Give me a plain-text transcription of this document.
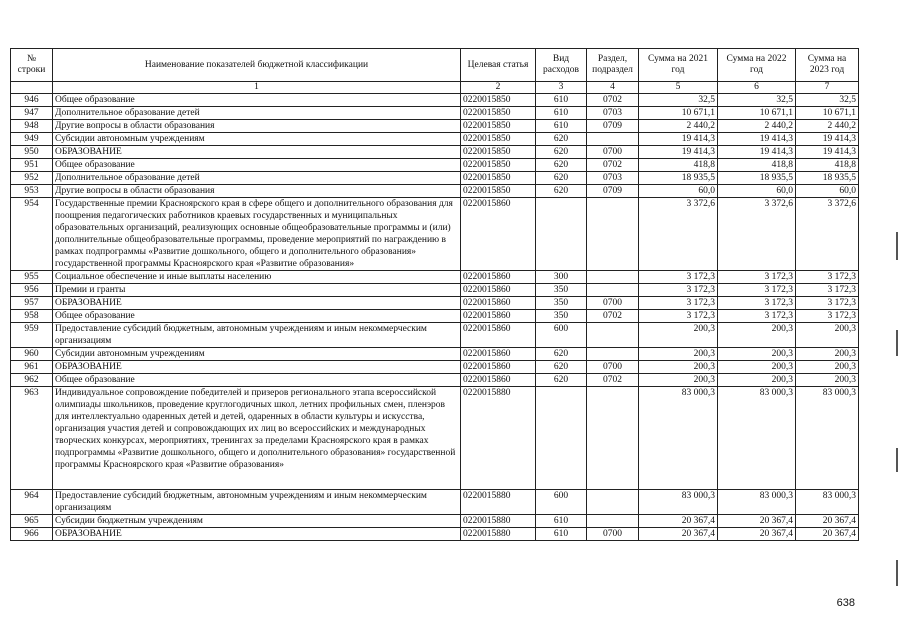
№ строки	Наименование показателей бюджетной классификации	Целевая статья	Вид расходов	Раздел, подраздел	Сумма на 2021 год	Сумма на 2022 год	Сумма на 2023 год
	1	2	3	4	5	6	7
946	Общее образование	0220015850	610	0702	32,5	32,5	32,5
947	Дополнительное образование детей	0220015850	610	0703	10 671,1	10 671,1	10 671,1
948	Другие вопросы в области образования	0220015850	610	0709	2 440,2	2 440,2	2 440,2
949	Субсидии автономным учреждениям	0220015850	620		19 414,3	19 414,3	19 414,3
950	ОБРАЗОВАНИЕ	0220015850	620	0700	19 414,3	19 414,3	19 414,3
951	Общее образование	0220015850	620	0702	418,8	418,8	418,8
952	Дополнительное образование детей	0220015850	620	0703	18 935,5	18 935,5	18 935,5
953	Другие вопросы в области образования	0220015850	620	0709	60,0	60,0	60,0
954	Государственные премии Красноярского края в сфере общего и дополнительного образования для поощрения педагогических работников краевых государственных и муниципальных образовательных организаций, реализующих основные общеобразовательные программы и (или) дополнительные общеобразовательные программы, проведение мероприятий по награждению в рамках подпрограммы «Развитие дошкольного, общего и дополнительного образования» государственной программы Красноярского края «Развитие образования»	0220015860			3 372,6	3 372,6	3 372,6
955	Социальное обеспечение и иные выплаты населению	0220015860	300		3 172,3	3 172,3	3 172,3
956	Премии и гранты	0220015860	350		3 172,3	3 172,3	3 172,3
957	ОБРАЗОВАНИЕ	0220015860	350	0700	3 172,3	3 172,3	3 172,3
958	Общее образование	0220015860	350	0702	3 172,3	3 172,3	3 172,3
959	Предоставление субсидий бюджетным, автономным учреждениям и иным некоммерческим организациям	0220015860	600		200,3	200,3	200,3
960	Субсидии автономным учреждениям	0220015860	620		200,3	200,3	200,3
961	ОБРАЗОВАНИЕ	0220015860	620	0700	200,3	200,3	200,3
962	Общее образование	0220015860	620	0702	200,3	200,3	200,3
963	Индивидуальное сопровождение победителей и призеров регионального этапа всероссийской олимпиады школьников, проведение круглогодичных школ, летних профильных смен, пленэров для интеллектуально одаренных детей и детей, одаренных в области культуры и искусства, организация участия детей и сопровождающих их лиц во всероссийских и международных творческих конкурсах, мероприятиях, тренингах за пределами Красноярского края в рамках подпрограммы «Развитие дошкольного, общего и дополнительного образования» государственной программы Красноярского края «Развитие образования»	0220015880			83 000,3	83 000,3	83 000,3
964	Предоставление субсидий бюджетным, автономным учреждениям и иным некоммерческим организациям	0220015880	600		83 000,3	83 000,3	83 000,3
965	Субсидии бюджетным учреждениям	0220015880	610		20 367,4	20 367,4	20 367,4
966	ОБРАЗОВАНИЕ	0220015880	610	0700	20 367,4	20 367,4	20 367,4
638
